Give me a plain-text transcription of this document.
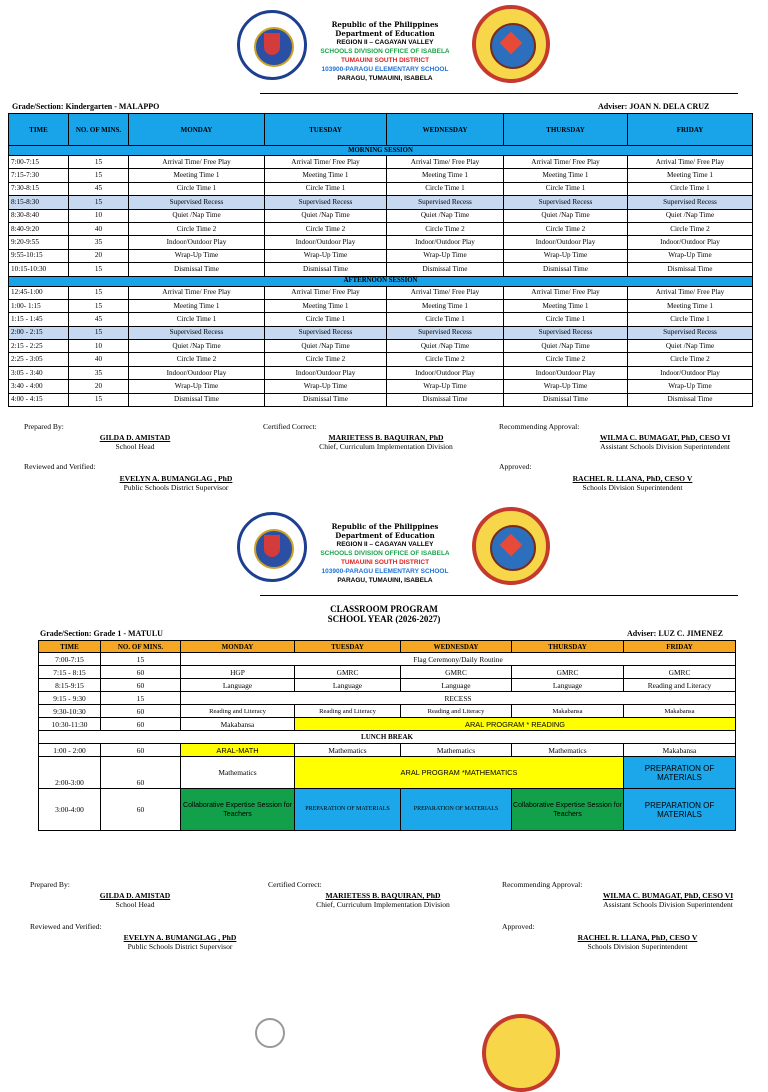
Republic of the Philippines
Department of Education
REGION II – CAGAYAN VALLEY
SCHOOLS DIVISION OFFICE OF ISABELA
TUMAUINI SOUTH DISTRICT
103900-PARAGU ELEMENTARY SCHOOL
PARAGU, TUMAUINI, ISABELA
Grade/Section: Kindergarten - MALAPPO	Adviser: JOAN N. DELA CRUZ
TIME	NO. OF MINS.	MONDAY	TUESDAY	WEDNESDAY	THURSDAY	FRIDAY
MORNING SESSION						
7:00-7:15	15	Arrival Time/ Free Play	Arrival Time/ Free Play	Arrival Time/ Free Play	Arrival Time/ Free Play	Arrival Time/ Free Play
7:15-7:30	15	Meeting Time 1	Meeting Time 1	Meeting Time 1	Meeting Time 1	Meeting Time 1
7:30-8:15	45	Circle Time 1	Circle Time 1	Circle Time 1	Circle Time 1	Circle Time 1
8:15-8:30	15	Supervised Recess	Supervised Recess	Supervised Recess	Supervised Recess	Supervised Recess
8:30-8:40	10	Quiet /Nap Time	Quiet /Nap Time	Quiet /Nap Time	Quiet /Nap Time	Quiet /Nap Time
8:40-9:20	40	Circle Time 2	Circle Time 2	Circle Time 2	Circle Time 2	Circle Time 2
9:20-9:55	35	Indoor/Outdoor Play	Indoor/Outdoor Play	Indoor/Outdoor Play	Indoor/Outdoor Play	Indoor/Outdoor Play
9:55-10:15	20	Wrap-Up Time	Wrap-Up Time	Wrap-Up Time	Wrap-Up Time	Wrap-Up Time
10:15-10:30	15	Dismissal Time	Dismissal Time	Dismissal Time	Dismissal Time	Dismissal Time
AFTERNOON SESSION						
12:45-1:00	15	Arrival Time/ Free Play	Arrival Time/ Free Play	Arrival Time/ Free Play	Arrival Time/ Free Play	Arrival Time/ Free Play
1:00- 1:15	15	Meeting Time 1	Meeting Time 1	Meeting Time 1	Meeting Time 1	Meeting Time 1
1:15 - 1:45	45	Circle Time 1	Circle Time 1	Circle Time 1	Circle Time 1	Circle Time 1
2:00 - 2:15	15	Supervised Recess	Supervised Recess	Supervised Recess	Supervised Recess	Supervised Recess
2:15 - 2:25	10	Quiet /Nap Time	Quiet /Nap Time	Quiet /Nap Time	Quiet /Nap Time	Quiet /Nap Time
2:25 - 3:05	40	Circle Time 2	Circle Time 2	Circle Time 2	Circle Time 2	Circle Time 2
3:05 - 3:40	35	Indoor/Outdoor Play	Indoor/Outdoor Play	Indoor/Outdoor Play	Indoor/Outdoor Play	Indoor/Outdoor Play
3:40 - 4:00	20	Wrap-Up Time	Wrap-Up Time	Wrap-Up Time	Wrap-Up Time	Wrap-Up Time
4:00 - 4:15	15	Dismissal Time	Dismissal Time	Dismissal Time	Dismissal Time	Dismissal Time
Prepared By:
GILDA D. AMISTAD
School Head
Certified Correct:
MARIETESS B. BAQUIRAN, PhD
Chief, Curriculum Implementation Division
Recommending Approval:
WILMA C. BUMAGAT, PhD, CESO VI
Assistant Schools Division Superintendent
Reviewed and Verified:
EVELYN A. BUMANGLAG , PhD
Public Schools District Supervisor
Approved:
RACHEL R. LLANA, PhD, CESO V
Schools Division Superintendent
Republic of the Philippines
Department of Education
REGION II – CAGAYAN VALLEY
SCHOOLS DIVISION OFFICE OF ISABELA
TUMAUINI SOUTH DISTRICT
103900-PARAGU ELEMENTARY SCHOOL
PARAGU, TUMAUINI, ISABELA
CLASSROOM PROGRAM
SCHOOL YEAR (2026-2027)
Grade/Section: Grade 1 - MATULU	Adviser: LUZ C. JIMENEZ
TIME	NO. OF MINS.	MONDAY	TUESDAY	WEDNESDAY	THURSDAY	FRIDAY
7:00-7:15	15	Flag Ceremony/Daily Routine				
7:15 - 8:15	60	HGP	GMRC	GMRC	GMRC	GMRC
8:15-9:15	60	Language	Language	Language	Language	Reading and Literacy
9:15 - 9:30	15	RECESS				
9:30-10:30	60	Reading and Literacy	Reading and Literacy	Reading and Literacy	Makabansa	Makabansa
10:30-11:30	60	Makabansa	ARAL PROGRAM * READING			
LUNCH BREAK						
1:00 - 2:00	60	ARAL-MATH	Mathematics	Mathematics	Mathematics	Makabansa
2:00-3:00	60	Mathematics	ARAL PROGRAM *MATHEMATICS			PREPARATION OF MATERIALS
3:00-4:00	60	Collaborative Expertise Session for Teachers	PREPARATION OF MATERIALS	PREPARATION OF MATERIALS	Collaborative Expertise Session for Teachers	PREPARATION OF MATERIALS
Prepared By:
GILDA D. AMISTAD
School Head
Certified Correct:
MARIETESS B. BAQUIRAN, PhD
Chief, Curriculum Implementation Division
Recommending Approval:
WILMA C. BUMAGAT, PhD, CESO VI
Assistant Schools Division Superintendent
Reviewed and Verified:
EVELYN A. BUMANGLAG , PhD
Public Schools District Supervisor
Approved:
RACHEL R. LLANA, PhD, CESO V
Schools Division Superintendent
